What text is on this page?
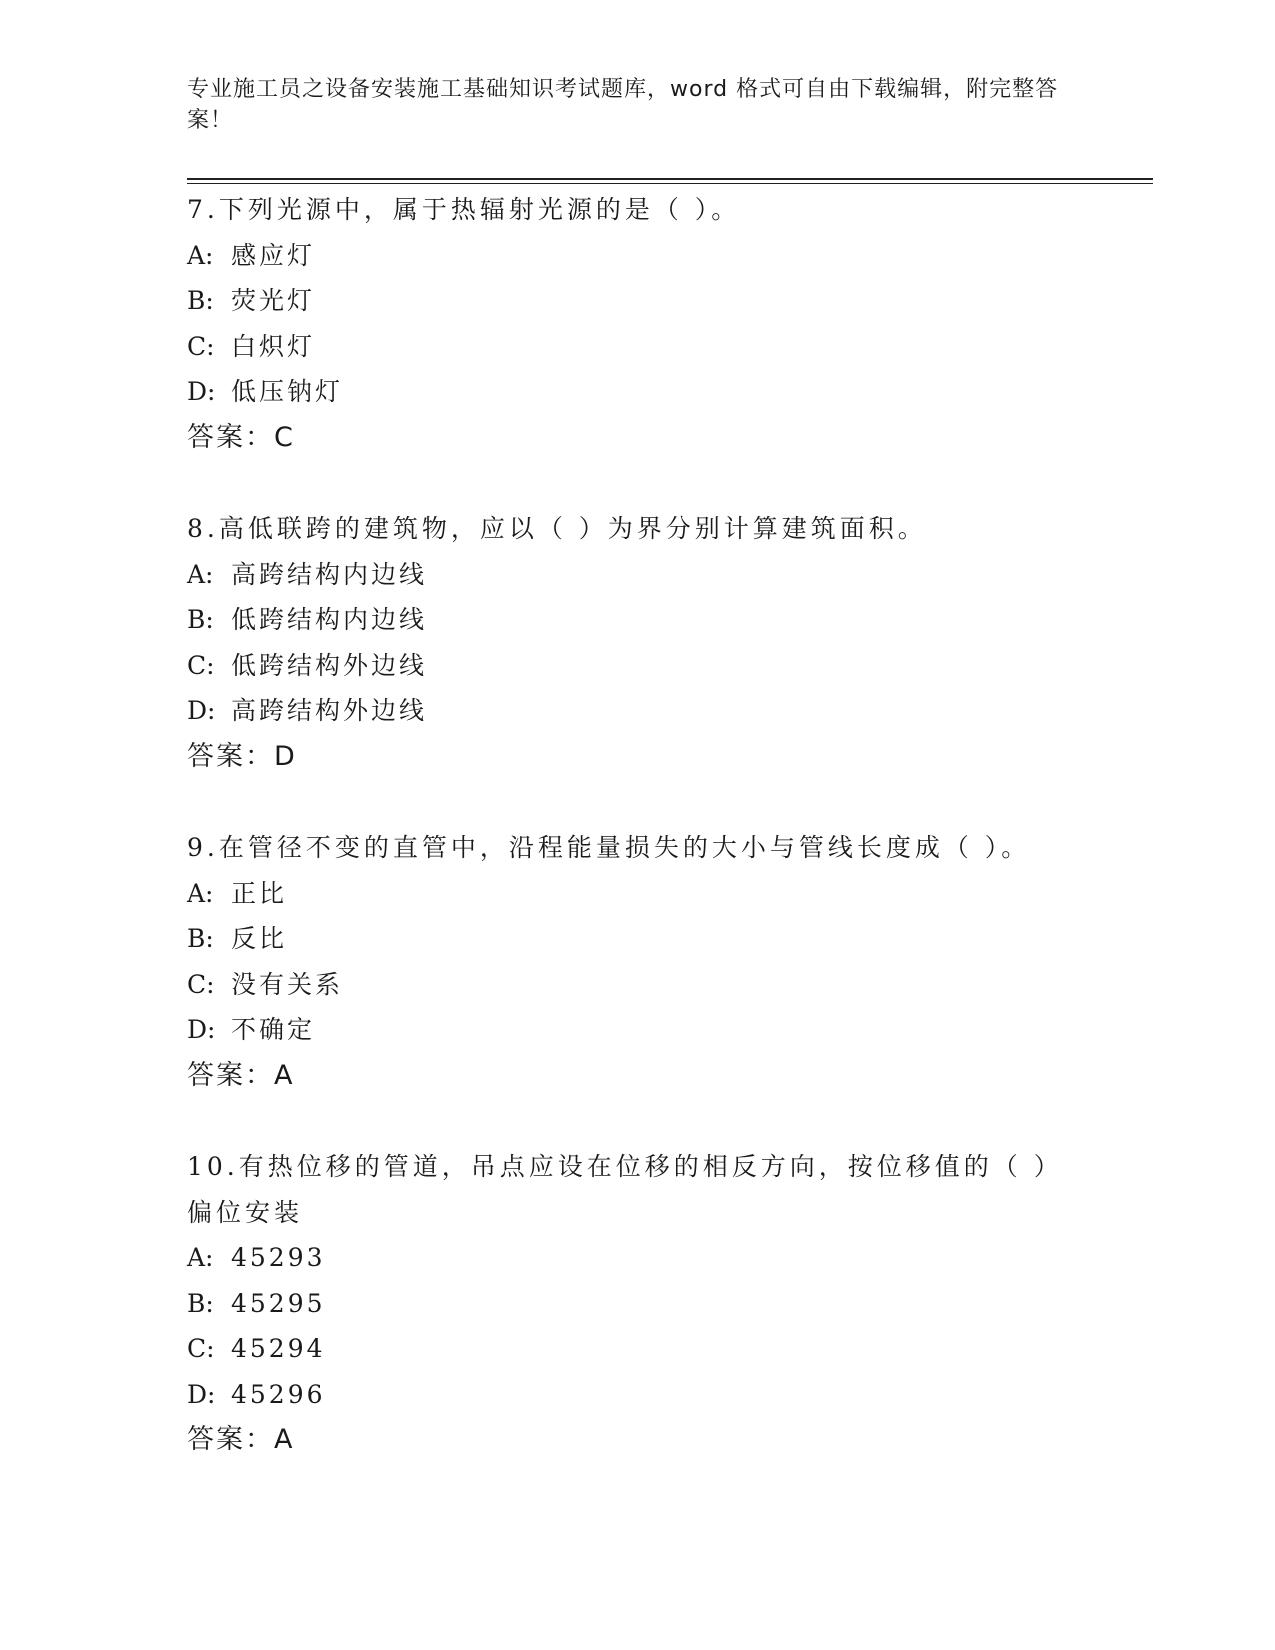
专业施工员之设备安装施工基础知识考试题库，word 格式可自由下载编辑，附完整答案！

7.下列光源中，属于热辐射光源的是（ ）。

A: 感应灯

B: 荧光灯

C: 白炽灯

D: 低压钠灯

答案：C

8.高低联跨的建筑物，应以（ ）为界分别计算建筑面积。

A: 高跨结构内边线

B: 低跨结构内边线

C: 低跨结构外边线

D: 高跨结构外边线

答案：D

9.在管径不变的直管中，沿程能量损失的大小与管线长度成（ ）。

A: 正比

B: 反比

C: 没有关系

D: 不确定

答案：A

10.有热位移的管道，吊点应设在位移的相反方向，按位移值的（ ）偏位安装

A: 45293

B: 45295

C: 45294

D: 45296

答案：A
